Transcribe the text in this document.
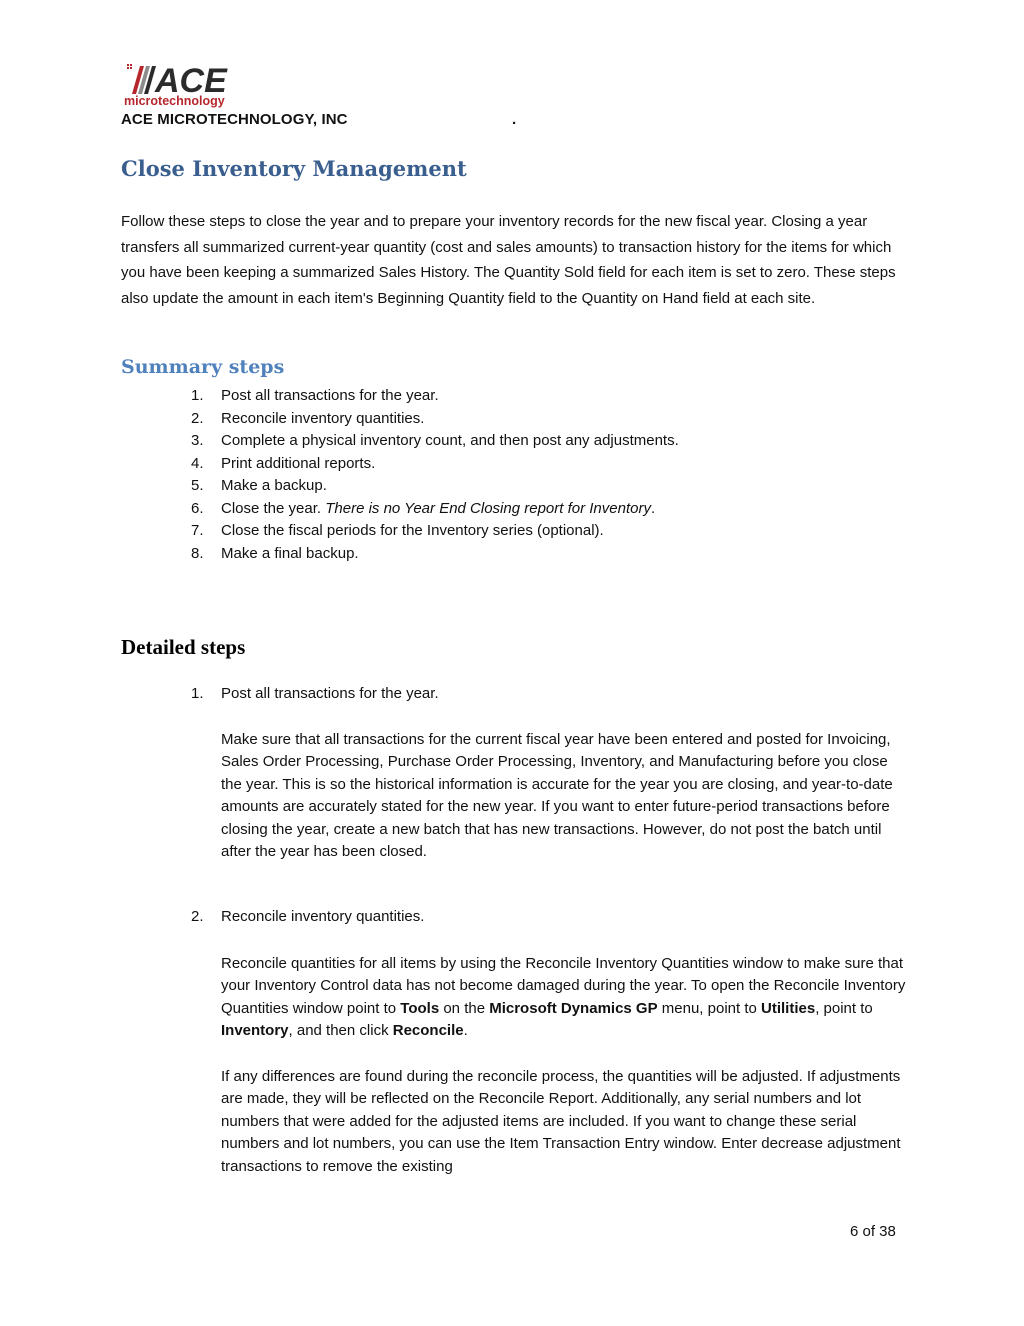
ACE
microtechnology
ACE MICROTECHNOLOGY, INC	.
Close Inventory Management
Follow these steps to close the year and to prepare your inventory records for the new fiscal year. Closing a year transfers all summarized current-year quantity (cost and sales amounts) to transaction history for the items for which you have been keeping a summarized Sales History. The Quantity Sold field for each item is set to zero. These steps also update the amount in each item's Beginning Quantity field to the Quantity on Hand field at each site.
Summary steps
1.	Post all transactions for the year.
2.	Reconcile inventory quantities.
3.	Complete a physical inventory count, and then post any adjustments.
4.	Print additional reports.
5.	Make a backup.
6.	Close the year. There is no Year End Closing report for Inventory.
7.	Close the fiscal periods for the Inventory series (optional).
8.	Make a final backup.
Detailed steps
1. Post all transactions for the year.
Make sure that all transactions for the current fiscal year have been entered and posted for Invoicing, Sales Order Processing, Purchase Order Processing, Inventory, and Manufacturing before you close the year. This is so the historical information is accurate for the year you are closing, and year-to-date amounts are accurately stated for the new year. If you want to enter future-period transactions before closing the year, create a new batch that has new transactions. However, do not post the batch until after the year has been closed.
2. Reconcile inventory quantities.
Reconcile quantities for all items by using the Reconcile Inventory Quantities window to make sure that your Inventory Control data has not become damaged during the year. To open the Reconcile Inventory Quantities window point to Tools on the Microsoft Dynamics GP menu, point to Utilities, point to Inventory, and then click Reconcile.
If any differences are found during the reconcile process, the quantities will be adjusted. If adjustments are made, they will be reflected on the Reconcile Report. Additionally, any serial numbers and lot numbers that were added for the adjusted items are included. If you want to change these serial numbers and lot numbers, you can use the Item Transaction Entry window. Enter decrease adjustment transactions to remove the existing
6 of 38
